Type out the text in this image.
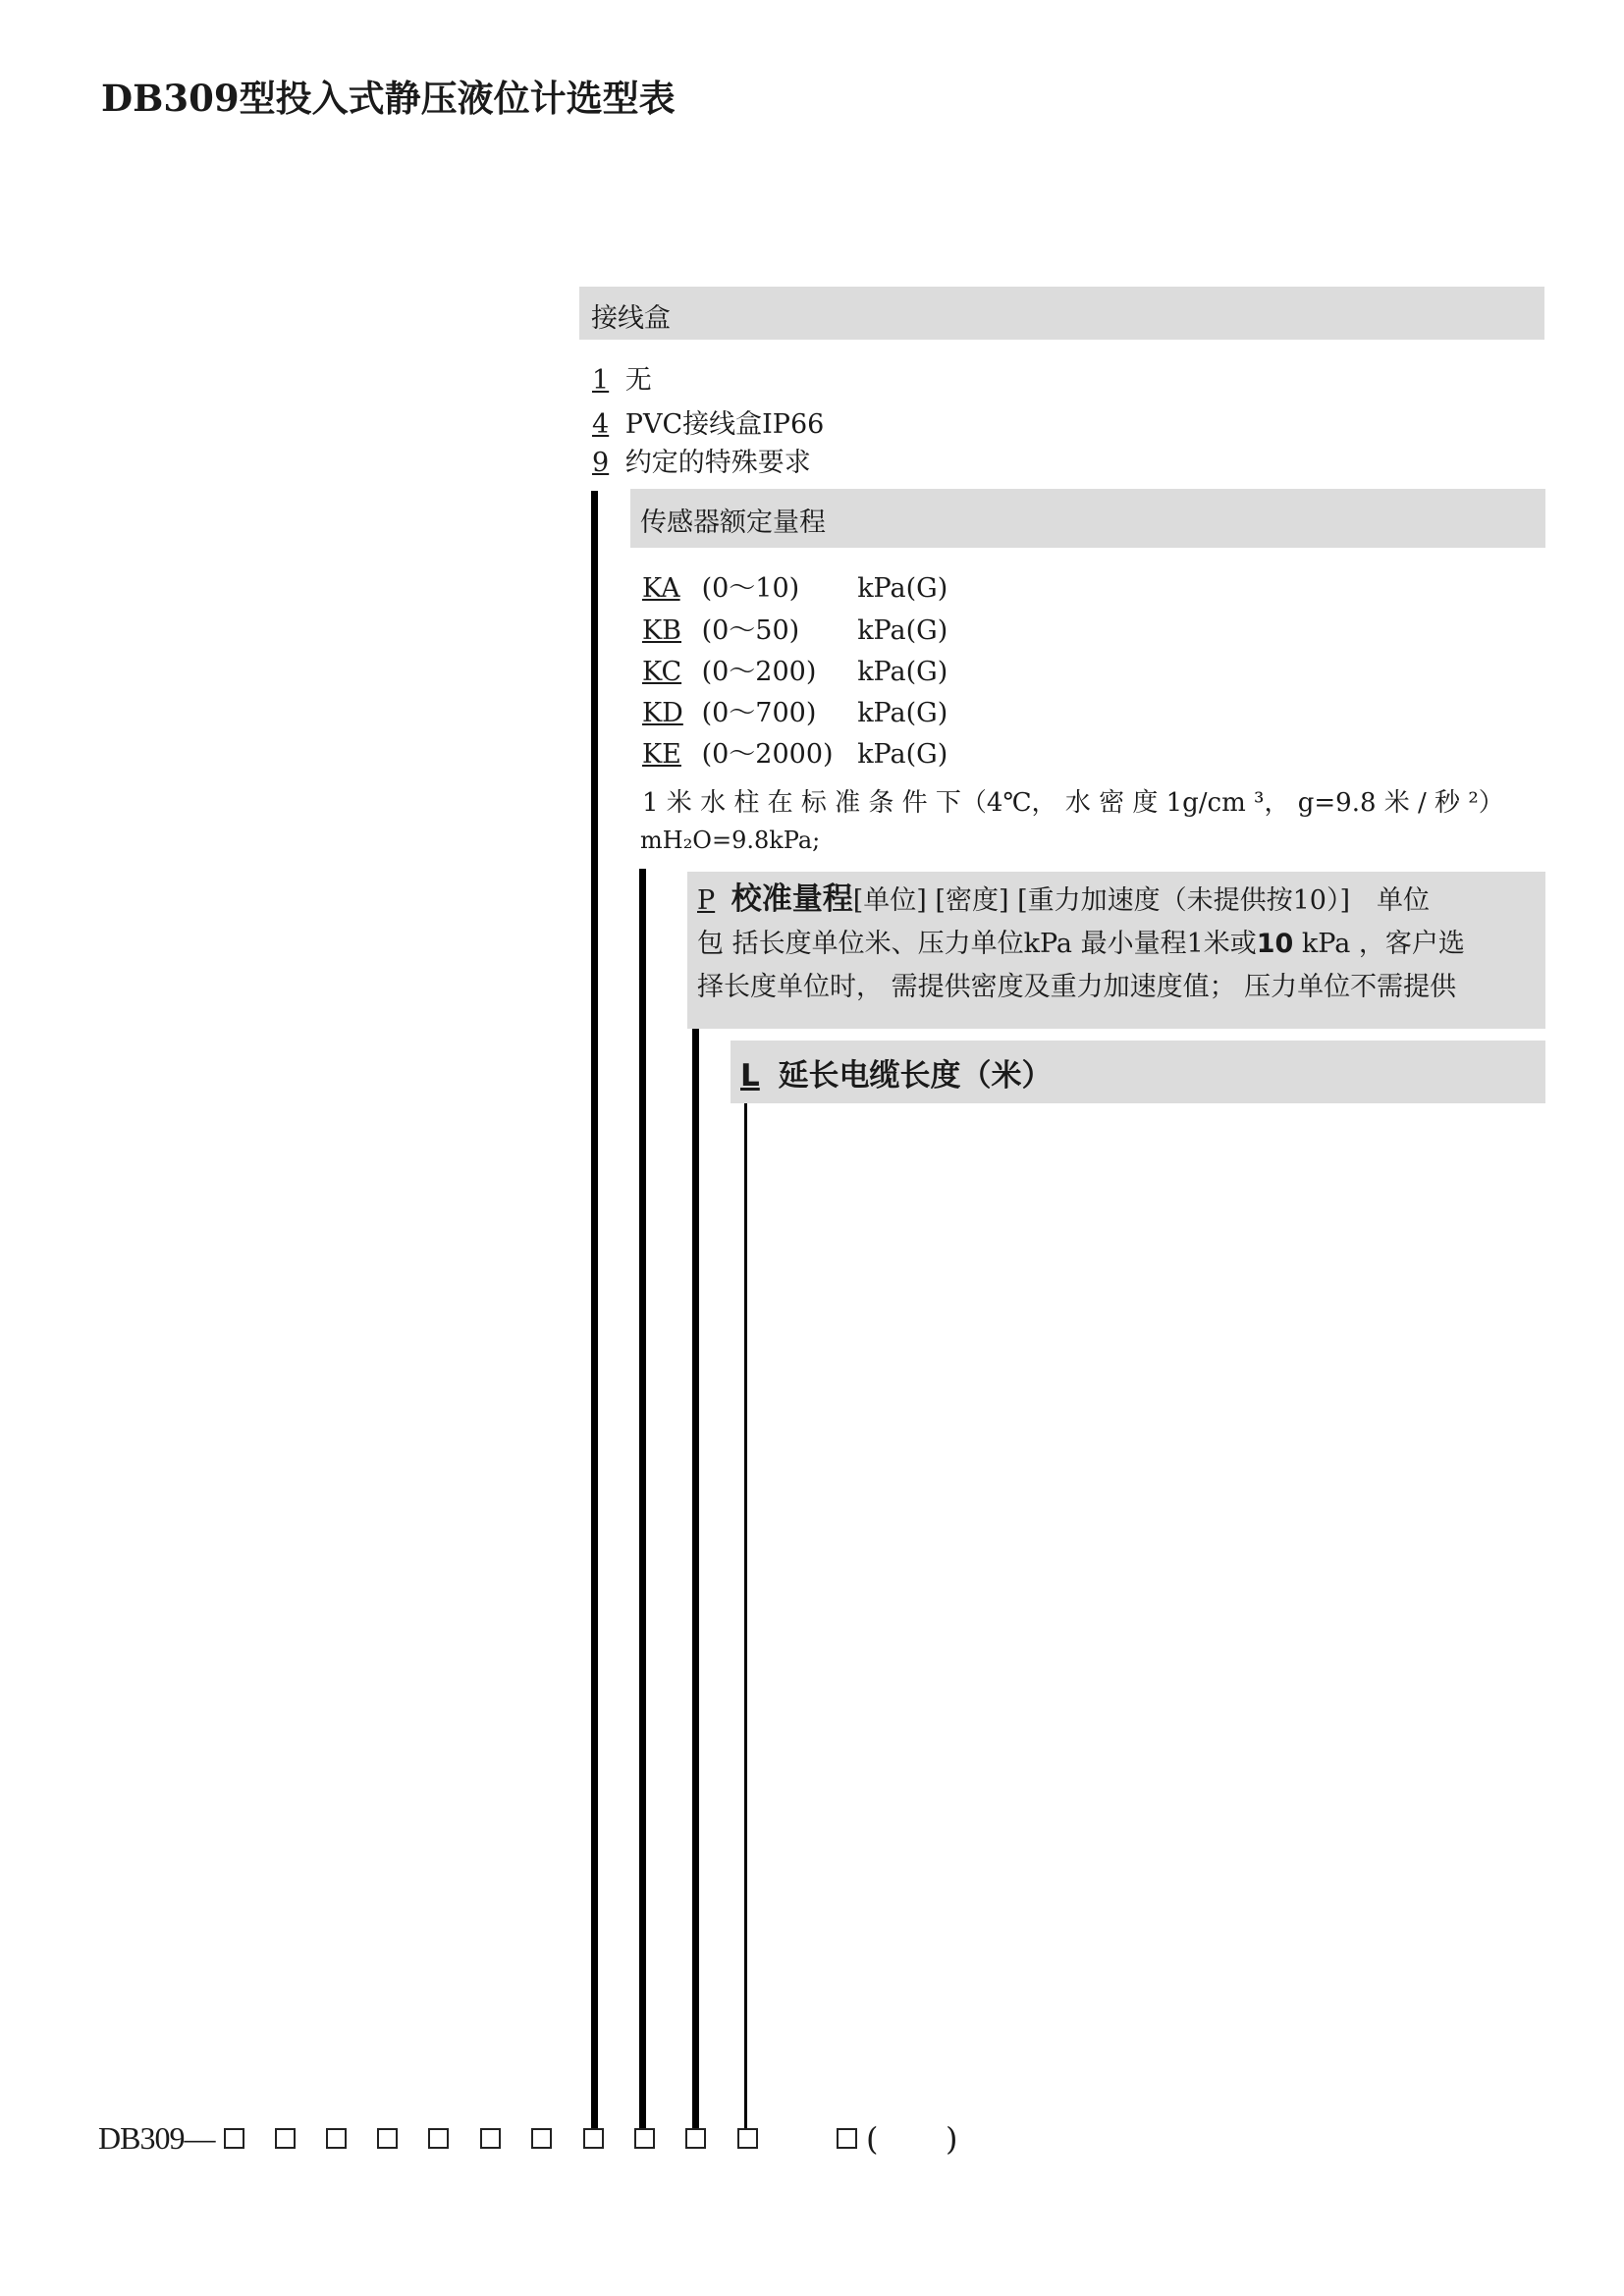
DB309型投入式静压液位计选型表
接线盒
1 无
4 PVC接线盒IP66
9 约定的特殊要求
传感器额定量程
KA (0～10) kPa(G)
KB (0～50) kPa(G)
KC (0～200) kPa(G)
KD (0～700) kPa(G)
KE (0～2000) kPa(G)
1 米 水 柱 在 标 准 条 件 下（4℃， 水 密 度 1g/cm ³， g=9.8 米 / 秒 ²）
mH₂O=9.8kPa;
P 校准量程[单位] [密度] [重力加速度（未提供按10）]　单位
包 括长度单位米、压力单位kPa 最小量程1米或10 kPa ，客户选
择长度单位时， 需提供密度及重力加速度值； 压力单位不需提供
L 延长电缆长度（米）
DB309—	( )
